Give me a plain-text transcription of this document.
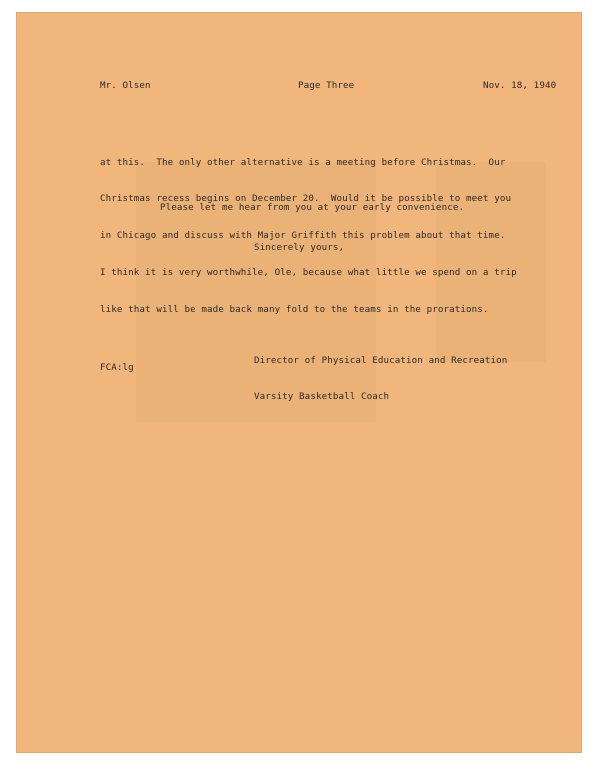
Mr. Olsen	Page Three	Nov. 18, 1940

at this.  The only other alternative is a meeting before Christmas.  Our

Christmas recess begins on December 20.  Would it be possible to meet you

in Chicago and discuss with Major Griffith this problem about that time.

I think it is very worthwhile, Ole, because what little we spend on a trip

like that will be made back many fold to the teams in the prorations.

Please let me hear from you at your early convenience.
Sincerely yours,

Director of Physical Education and Recreation

Varsity Basketball Coach

FCA:lg
